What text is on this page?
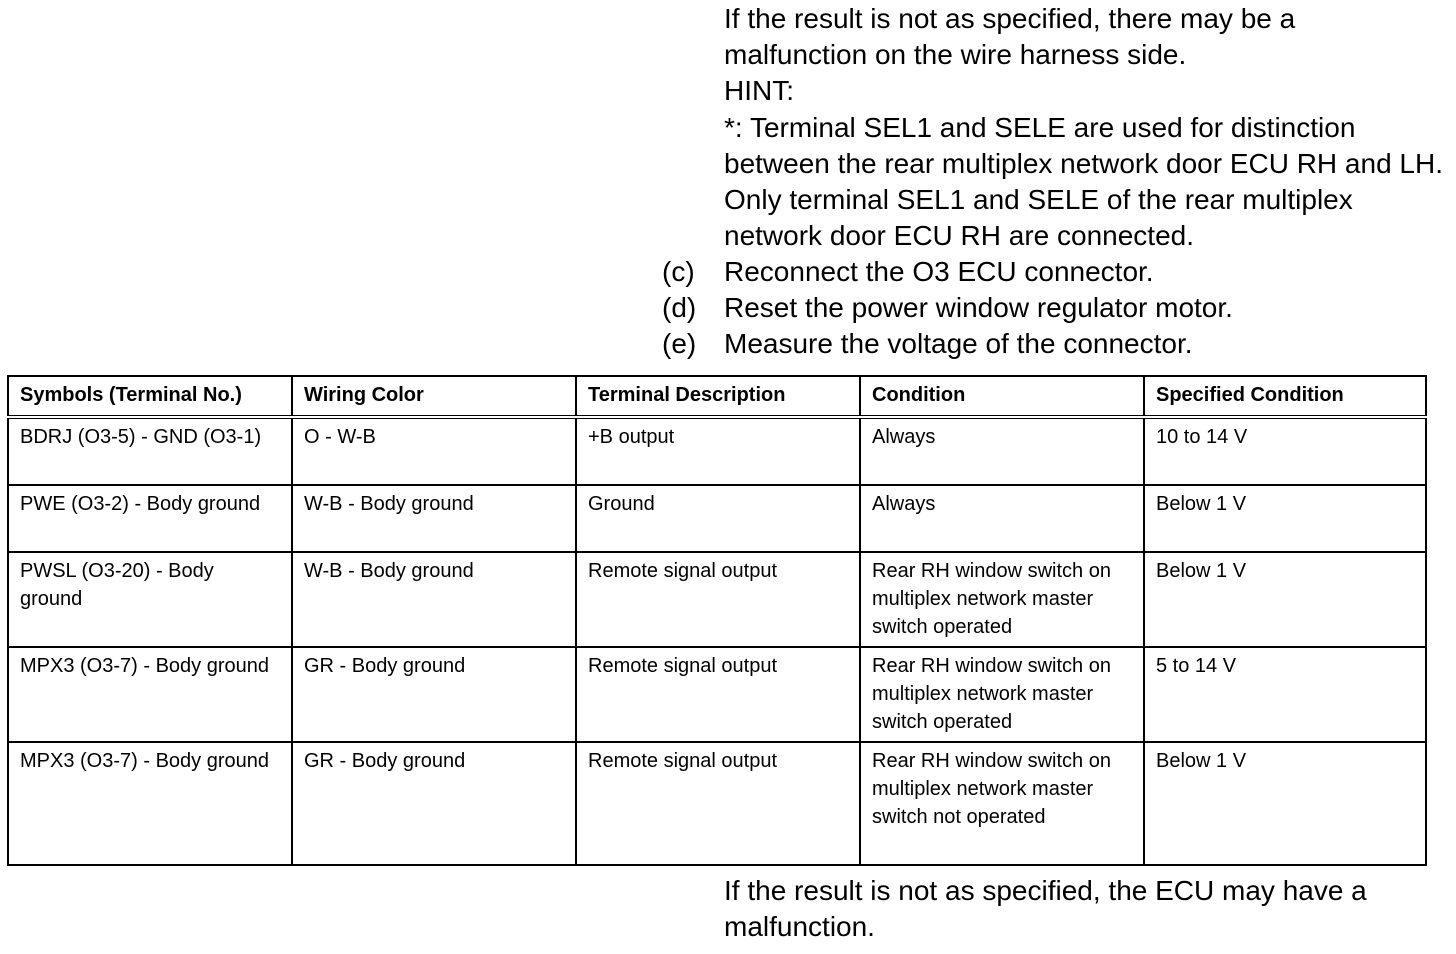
If the result is not as specified, there may be a malfunction on the wire harness side.

HINT:

*: Terminal SEL1 and SELE are used for distinction between the rear multiplex network door ECU RH and LH. Only terminal SEL1 and SELE of the rear multiplex network door ECU RH are connected.

(c)	Reconnect the O3 ECU connector.
(d) Reset the power window regulator motor.
(e) Measure the voltage of the connector.
Symbols (Terminal No.)	Wiring Color	Terminal Description	Condition	Specified Condition
BDRJ (O3-5) - GND (O3-1)	O - W-B	+B output	Always	10 to 14 V
PWE (O3-2) - Body ground	W-B - Body ground	Ground	Always	Below 1 V
PWSL (O3-20) - Body ground	W-B - Body ground	Remote signal output	Rear RH window switch on multiplex network master switch operated	Below 1 V
MPX3 (O3-7) - Body ground	GR - Body ground	Remote signal output	Rear RH window switch on multiplex network master switch operated	5 to 14 V
MPX3 (O3-7) - Body ground	GR - Body ground	Remote signal output	Rear RH window switch on multiplex network master switch not operated	Below 1 V

If the result is not as specified, the ECU may have a malfunction.
